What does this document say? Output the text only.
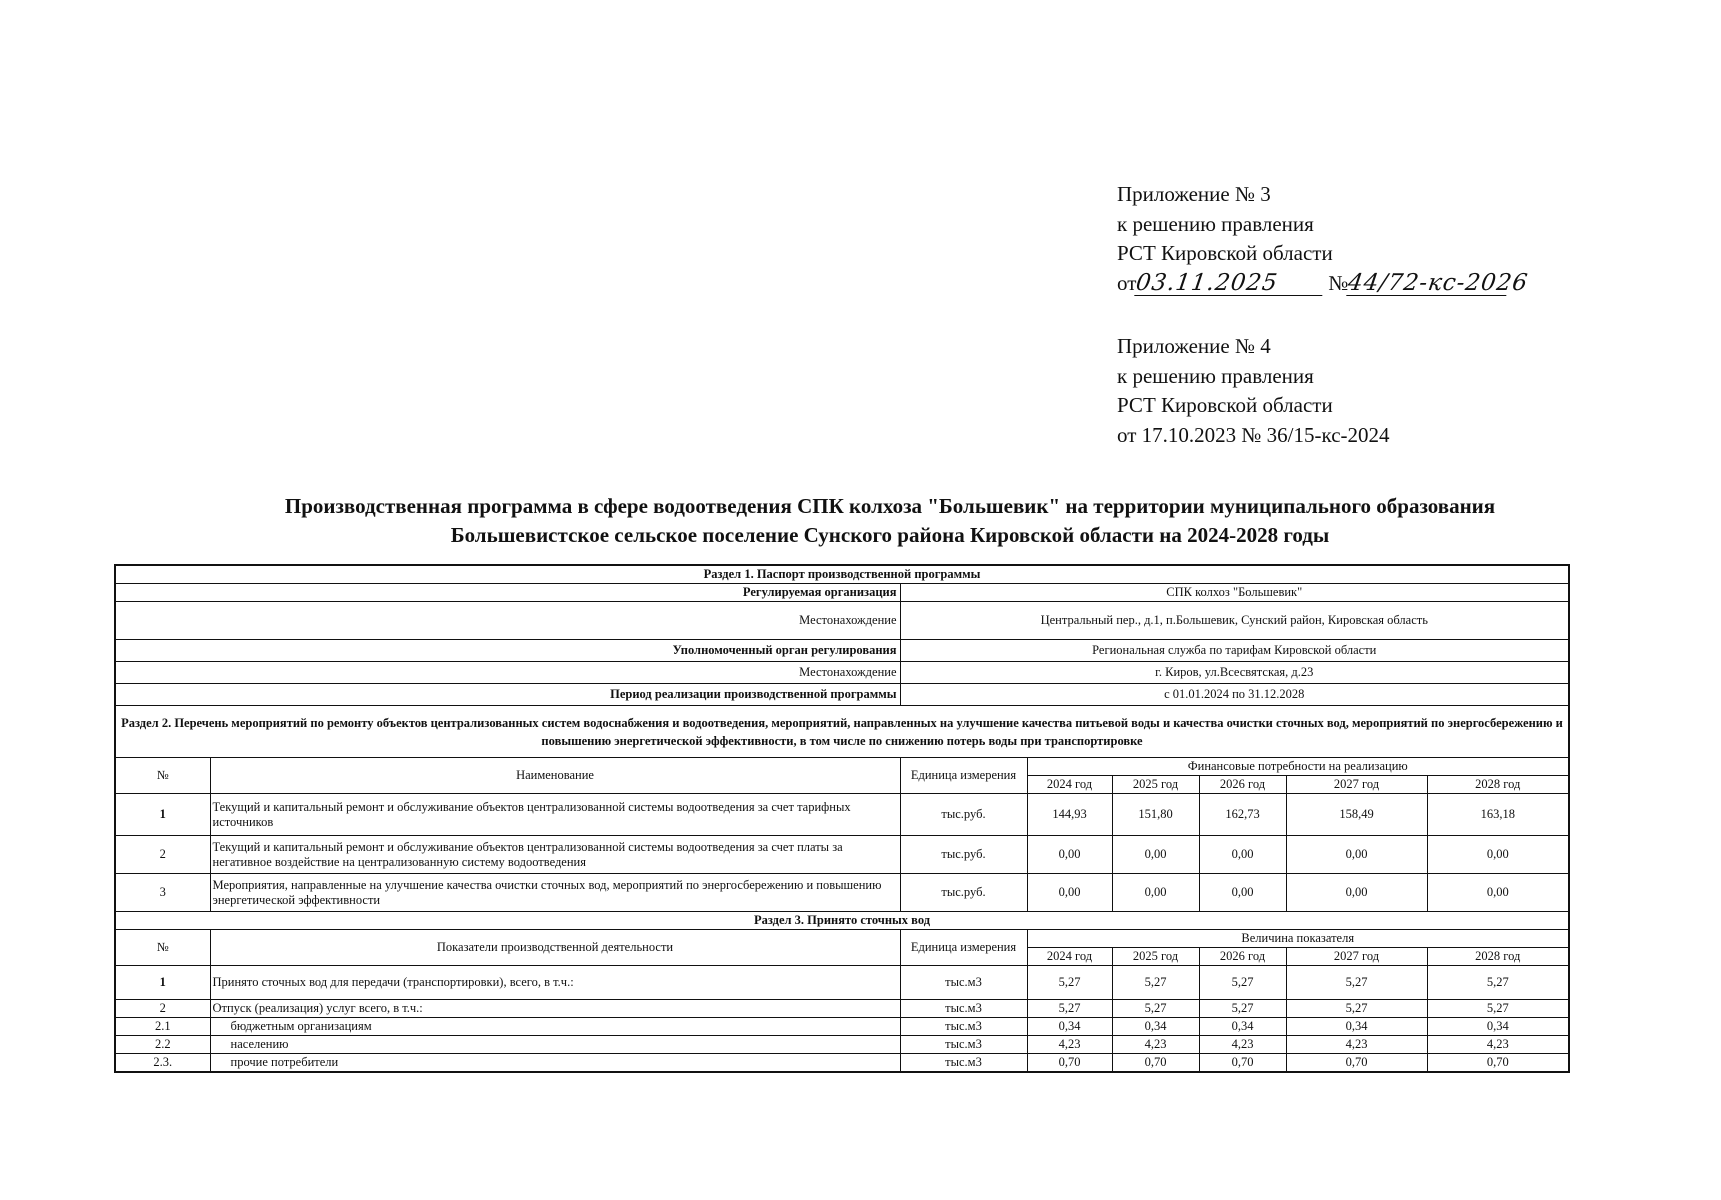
Приложение № 3
к решению правления
РСТ Кировской области
от03.11.2025 №44/72-кс-2026
Приложение № 4
к решению правления
РСТ Кировской области
от 17.10.2023 № 36/15-кс-2024
Производственная программа в сфере водоотведения СПК колхоза "Большевик" на территории муниципального образования
Большевистское сельское поселение Сунского района Кировской области на 2024-2028 годы
Раздел 1. Паспорт производственной программы							
Регулируемая организация		СПК колхоз "Большевик"					
Местонахождение		Центральный пер., д.1, п.Большевик, Сунский район, Кировская область					
Уполномоченный орган регулирования		Региональная служба по тарифам Кировской области					
Местонахождение		г. Киров, ул.Всесвятская, д.23					
Период реализации производственной программы		с 01.01.2024 по 31.12.2028					
Раздел 2. Перечень мероприятий по ремонту объектов централизованных систем водоснабжения и водоотведения, мероприятий, направленных на улучшение качества питьевой воды и качества очистки сточных вод, мероприятий по энергосбережению и повышению энергетической эффективности, в том числе по снижению потерь воды при транспортировке							
№	Наименование	Единица измерения	Финансовые потребности на реализацию				
			2024 год	2025 год	2026 год	2027 год	2028 год
1	Текущий и капитальный ремонт и обслуживание объектов централизованной системы водоотведения за счет тарифных источников	тыс.руб.	144,93	151,80	162,73	158,49	163,18
2	Текущий и капитальный ремонт и обслуживание объектов централизованной системы водоотведения за счет платы за негативное воздействие на централизованную систему водоотведения	тыс.руб.	0,00	0,00	0,00	0,00	0,00
3	Мероприятия, направленные на улучшение качества очистки сточных вод, мероприятий по энергосбережению и повышению энергетической эффективности	тыс.руб.	0,00	0,00	0,00	0,00	0,00
Раздел 3. Принято сточных вод							
№	Показатели производственной деятельности	Единица измерения	Величина показателя				
			2024 год	2025 год	2026 год	2027 год	2028 год
1	Принято сточных вод для передачи (транспортировки), всего, в т.ч.:	тыс.м3	5,27	5,27	5,27	5,27	5,27
2	Отпуск (реализация) услуг всего, в т.ч.:	тыс.м3	5,27	5,27	5,27	5,27	5,27
2.1	бюджетным организациям	тыс.м3	0,34	0,34	0,34	0,34	0,34
2.2	населению	тыс.м3	4,23	4,23	4,23	4,23	4,23
2.3.	прочие потребители	тыс.м3	0,70	0,70	0,70	0,70	0,70
